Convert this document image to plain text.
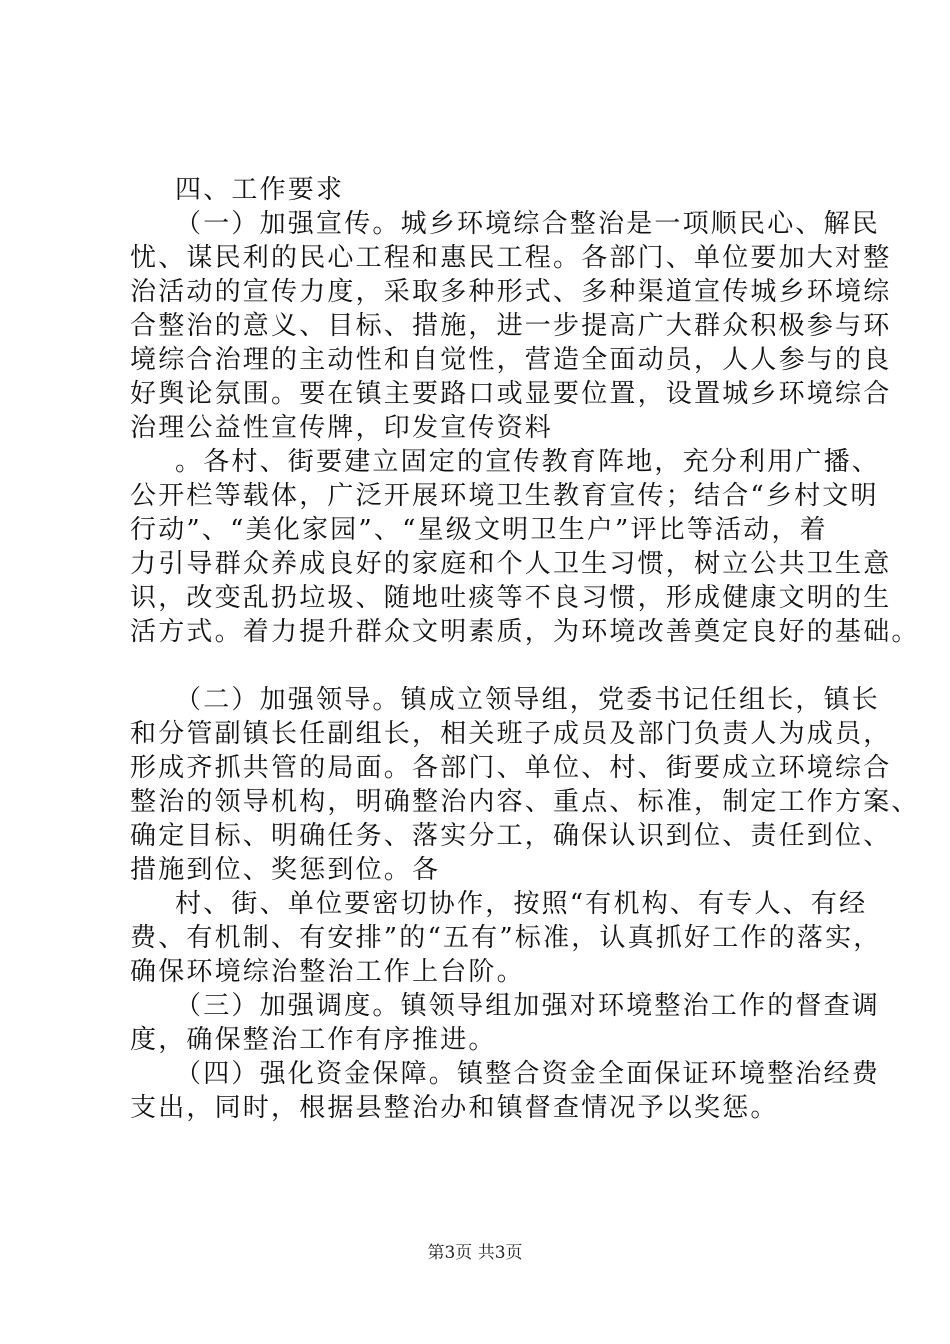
四、工作要求
（一）加强宣传。城乡环境综合整治是一项顺民心、解民
忧、谋民利的民心工程和惠民工程。各部门、单位要加大对整
治活动的宣传力度，采取多种形式、多种渠道宣传城乡环境综
合整治的意义、目标、措施，进一步提高广大群众积极参与环
境综合治理的主动性和自觉性，营造全面动员，人人参与的良
好舆论氛围。要在镇主要路口或显要位置，设置城乡环境综合
治理公益性宣传牌，印发宣传资料
。各村、街要建立固定的宣传教育阵地，充分利用广播、
公开栏等载体，广泛开展环境卫生教育宣传；结合“乡村文明
行动”、“美化家园”、“星级文明卫生户”评比等活动，着
力引导群众养成良好的家庭和个人卫生习惯，树立公共卫生意
识，改变乱扔垃圾、随地吐痰等不良习惯，形成健康文明的生
活方式。着力提升群众文明素质，为环境改善奠定良好的基础。
（二）加强领导。镇成立领导组，党委书记任组长，镇长
和分管副镇长任副组长，相关班子成员及部门负责人为成员，
形成齐抓共管的局面。各部门、单位、村、街要成立环境综合
整治的领导机构，明确整治内容、重点、标准，制定工作方案、
确定目标、明确任务、落实分工，确保认识到位、责任到位、
措施到位、奖惩到位。各
村、街、单位要密切协作，按照“有机构、有专人、有经
费、有机制、有安排”的“五有”标准，认真抓好工作的落实，
确保环境综治整治工作上台阶。
（三）加强调度。镇领导组加强对环境整治工作的督查调
度，确保整治工作有序推进。
（四）强化资金保障。镇整合资金全面保证环境整治经费
支出，同时，根据县整治办和镇督查情况予以奖惩。
第3页 共3页
